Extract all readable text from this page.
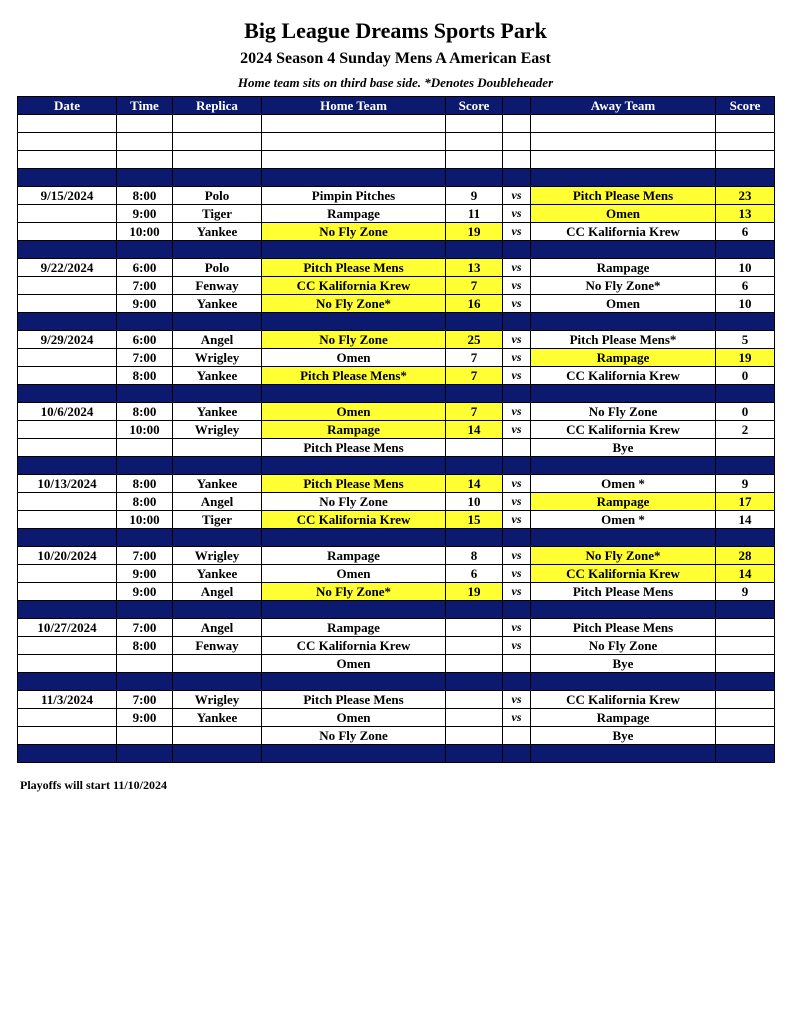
Big League Dreams Sports Park
2024 Season 4 Sunday Mens A American East
Home team sits on third base side. *Denotes Doubleheader
Date	Time	Replica	Home Team	Score		Away Team	Score

9/15/2024	8:00	Polo	Pimpin Pitches	9	vs	Pitch Please Mens	23
	9:00	Tiger	Rampage	11	vs	Omen	13
	10:00	Yankee	No Fly Zone	19	vs	CC Kalifornia Krew	6

9/22/2024	6:00	Polo	Pitch Please Mens	13	vs	Rampage	10
	7:00	Fenway	CC Kalifornia Krew	7	vs	No Fly Zone*	6
	9:00	Yankee	No Fly Zone*	16	vs	Omen	10

9/29/2024	6:00	Angel	No Fly Zone	25	vs	Pitch Please Mens*	5
	7:00	Wrigley	Omen	7	vs	Rampage	19
	8:00	Yankee	Pitch Please Mens*	7	vs	CC Kalifornia Krew	0

10/6/2024	8:00	Yankee	Omen	7	vs	No Fly Zone	0
	10:00	Wrigley	Rampage	14	vs	CC Kalifornia Krew	2
			Pitch Please Mens			Bye	

10/13/2024	8:00	Yankee	Pitch Please Mens	14	vs	Omen *	9
	8:00	Angel	No Fly Zone	10	vs	Rampage	17
	10:00	Tiger	CC Kalifornia Krew	15	vs	Omen *	14

10/20/2024	7:00	Wrigley	Rampage	8	vs	No Fly Zone*	28
	9:00	Yankee	Omen	6	vs	CC Kalifornia Krew	14
	9:00	Angel	No Fly Zone*	19	vs	Pitch Please Mens	9

10/27/2024	7:00	Angel	Rampage		vs	Pitch Please Mens	
	8:00	Fenway	CC Kalifornia Krew		vs	No Fly Zone	
			Omen			Bye	

11/3/2024	7:00	Wrigley	Pitch Please Mens		vs	CC Kalifornia Krew	
	9:00	Yankee	Omen		vs	Rampage	
			No Fly Zone			Bye	

Playoffs will start 11/10/2024
